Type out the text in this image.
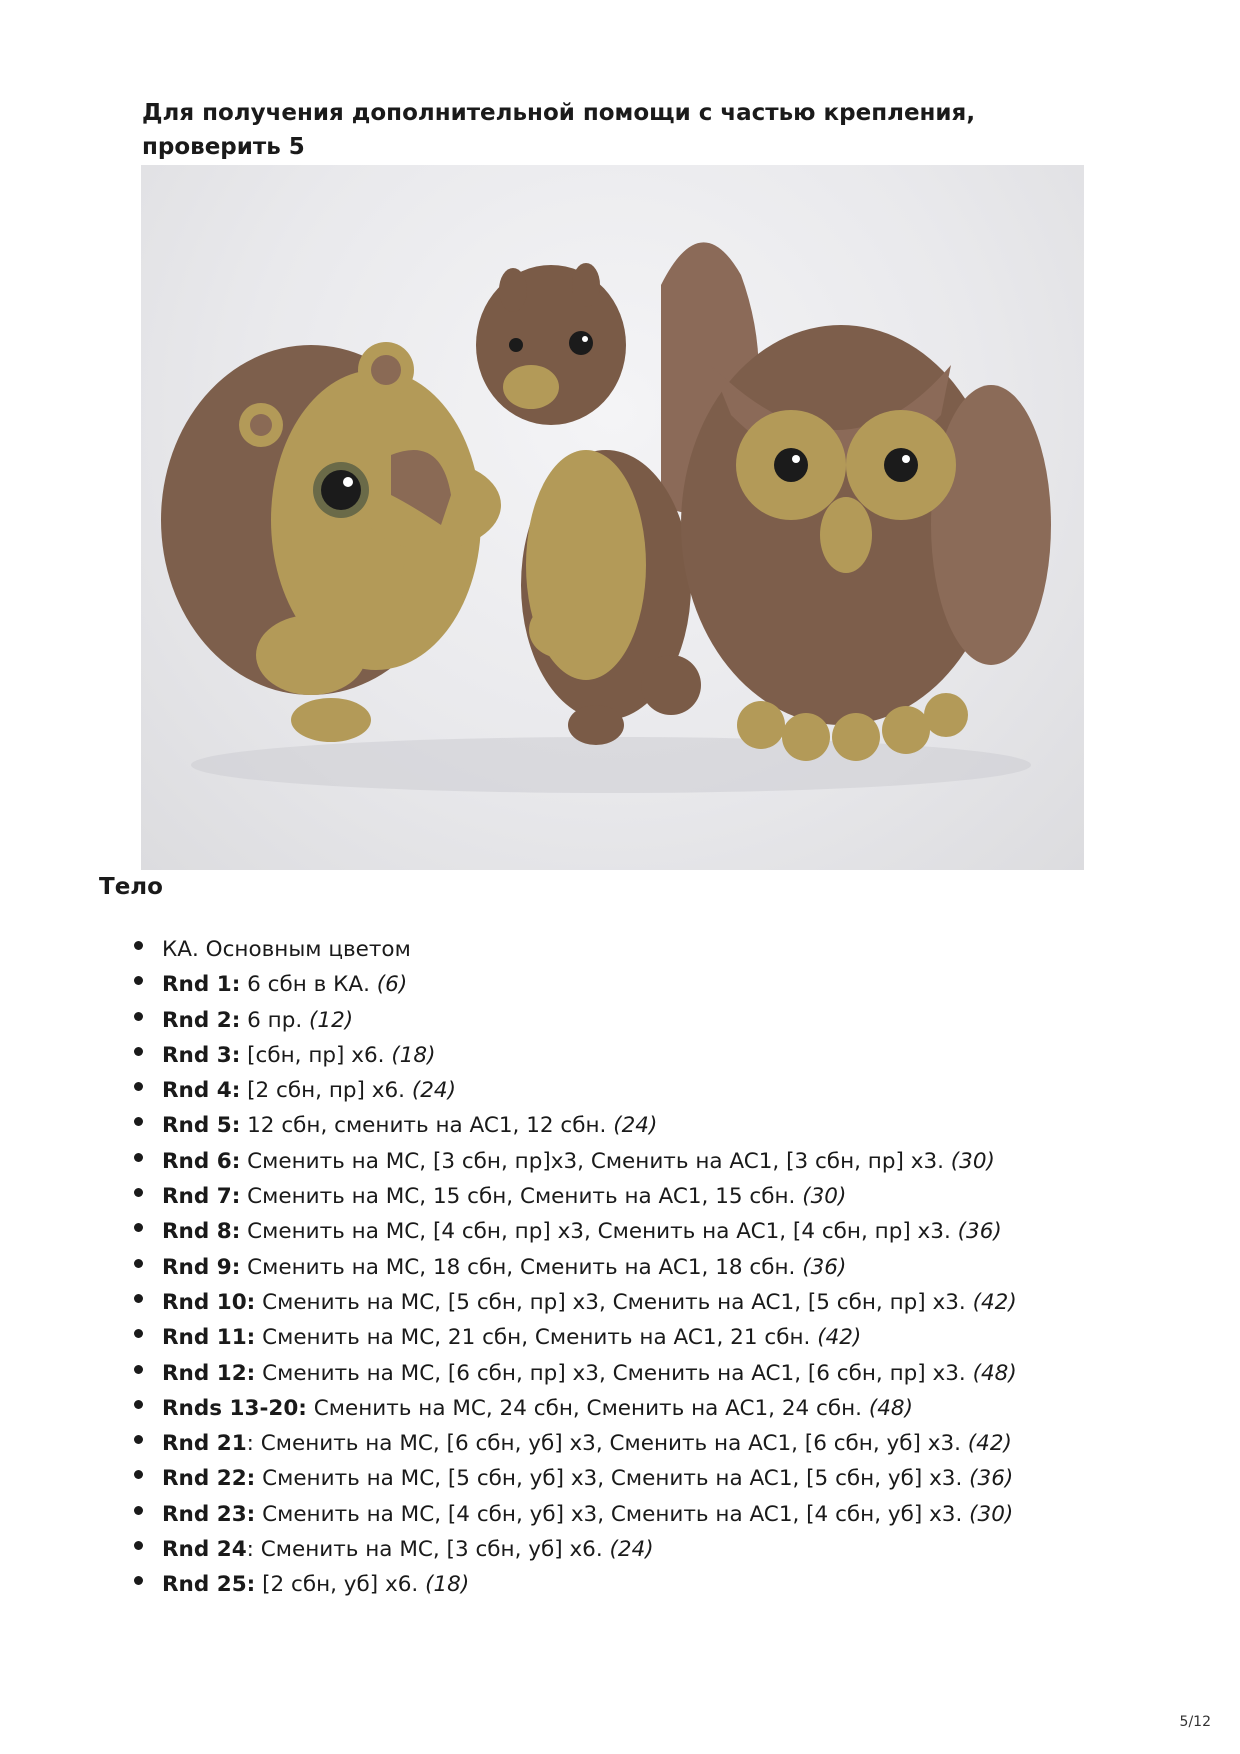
Для получения дополнительной помощи с частью крепления, проверить 5

Тело
КА. Основным цветом
Rnd 1: 6 сбн в КА. (6)
Rnd 2: 6 пр. (12)
Rnd 3: [сбн, пр] x6. (18)
Rnd 4: [2 сбн, пр] x6. (24)
Rnd 5: 12 сбн, сменить на AC1, 12 сбн. (24)
Rnd 6: Сменить на МС, [3 сбн, пр]x3, Сменить на AC1, [3 сбн, пр] x3. (30)
Rnd 7: Сменить на МС, 15 сбн, Сменить на AC1, 15 сбн. (30)
Rnd 8: Сменить на МС, [4 сбн, пр] x3, Сменить на AC1, [4 сбн, пр] x3. (36)
Rnd 9: Сменить на МС, 18 сбн, Сменить на AC1, 18 сбн. (36)
Rnd 10: Сменить на МС, [5 сбн, пр] x3, Сменить на AC1, [5 сбн, пр] x3. (42)
Rnd 11: Сменить на МС, 21 сбн, Сменить на AC1, 21 сбн. (42)
Rnd 12: Сменить на МС, [6 сбн, пр] x3, Сменить на AC1, [6 сбн, пр] x3. (48)
Rnds 13-20: Сменить на МС, 24 сбн, Сменить на AC1, 24 сбн. (48)
Rnd 21: Сменить на МС, [6 сбн, уб] x3, Сменить на AC1, [6 сбн, уб] x3. (42)
Rnd 22: Сменить на МС, [5 сбн, уб] x3, Сменить на AC1, [5 сбн, уб] x3. (36)
Rnd 23: Сменить на МС, [4 сбн, уб] x3, Сменить на AC1, [4 сбн, уб] x3. (30)
Rnd 24: Сменить на МС, [3 сбн, уб] x6. (24)
Rnd 25: [2 сбн, уб] x6. (18)
5/12
